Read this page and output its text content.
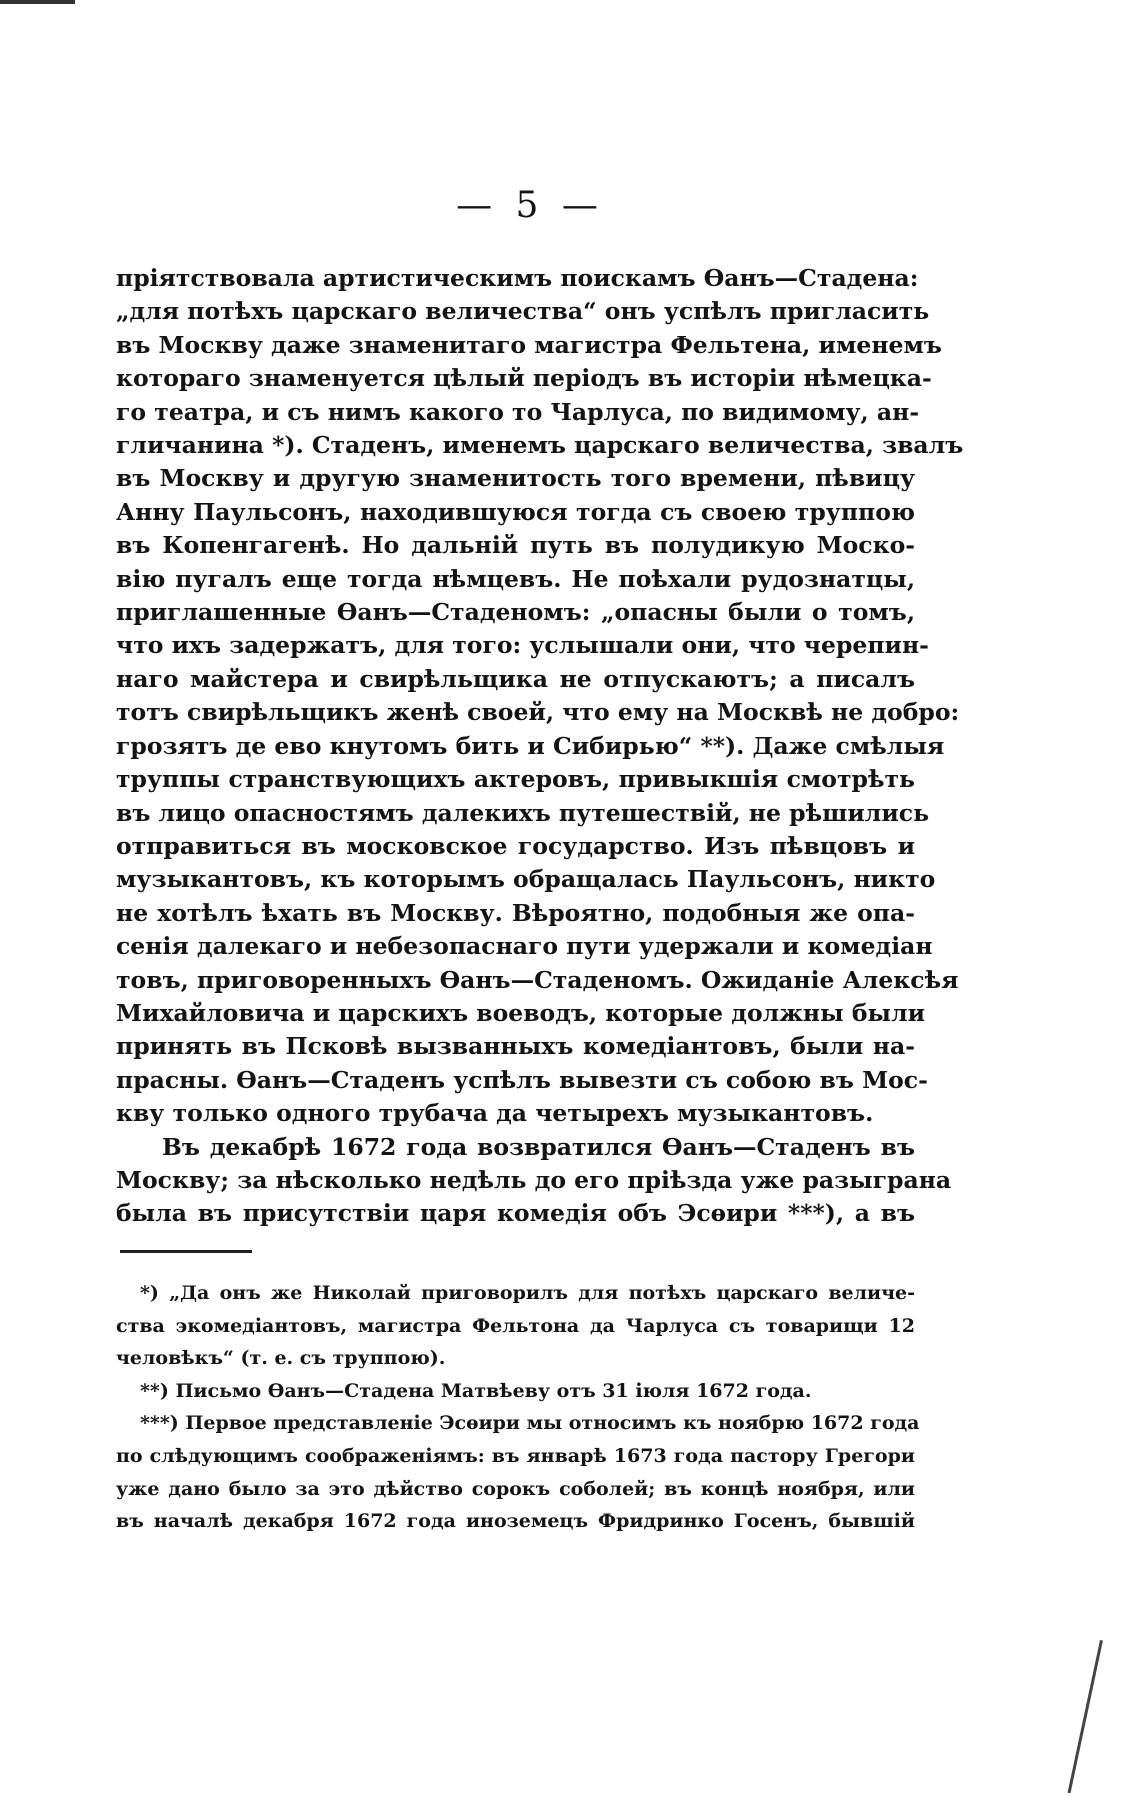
— 5 —
пріятствовала артистическимъ поискамъ Ѳанъ—Стадена:
„для потѣхъ царскаго величества“ онъ успѣлъ пригласить
въ Москву даже знаменитаго магистра Фельтена, именемъ
котораго знаменуется цѣлый періодъ въ исторіи нѣмецка-
го театра, и съ нимъ какого то Чарлуса, по видимому, ан-
гличанина *). Стаденъ, именемъ царскаго величества, звалъ
въ Москву и другую знаменитость того времени, пѣвицу
Анну Паульсонъ, находившуюся тогда съ своею труппою
въ Копенгагенѣ. Но дальній путь въ полудикую Моско-
вію пугалъ еще тогда нѣмцевъ. Не поѣхали рудознатцы,
приглашенные Ѳанъ—Стаденомъ: „опасны были о томъ,
что ихъ задержатъ, для того: услышали они, что черепин-
наго майстера и свирѣльщика не отпускаютъ; а писалъ
тотъ свирѣльщикъ женѣ своей, что ему на Москвѣ не добро:
грозятъ де ево кнутомъ бить и Сибирью“ **). Даже смѣлыя
труппы странствующихъ актеровъ, привыкшія смотрѣть
въ лицо опасностямъ далекихъ путешествій, не рѣшились
отправиться въ московское государство. Изъ пѣвцовъ и
музыкантовъ, къ которымъ обращалась Паульсонъ, никто
не хотѣлъ ѣхать въ Москву. Вѣроятно, подобныя же опа-
сенія далекаго и небезопаснаго пути удержали и комедіан
товъ, приговоренныхъ Ѳанъ—Стаденомъ. Ожиданіе Алексѣя
Михайловича и царскихъ воеводъ, которые должны были
принять въ Псковѣ вызванныхъ комедіантовъ, были на-
прасны. Ѳанъ—Стаденъ успѣлъ вывезти съ собою въ Мос-
кву только одного трубача да четырехъ музыкантовъ.
Въ декабрѣ 1672 года возвратился Ѳанъ—Стаденъ въ
Москву; за нѣсколько недѣль до его пріѣзда уже разыграна
была въ присутствіи царя комедія объ Эсѳири ***), а въ
*) „Да онъ же Николай приговорилъ для потѣхъ царскаго величе-
ства экомедіантовъ, магистра Фельтона да Чарлуса съ товарищи 12
человѣкъ“ (т. е. съ труппою).
**) Письмо Ѳанъ—Стадена Матвѣеву отъ 31 іюля 1672 года.
***) Первое представленіе Эсѳири мы относимъ къ ноябрю 1672 года
по слѣдующимъ соображеніямъ: въ январѣ 1673 года пастору Грегори
уже дано было за это дѣйство сорокъ соболей; въ концѣ ноября, или
въ началѣ декабря 1672 года иноземецъ Фридринко Госенъ, бывшій
